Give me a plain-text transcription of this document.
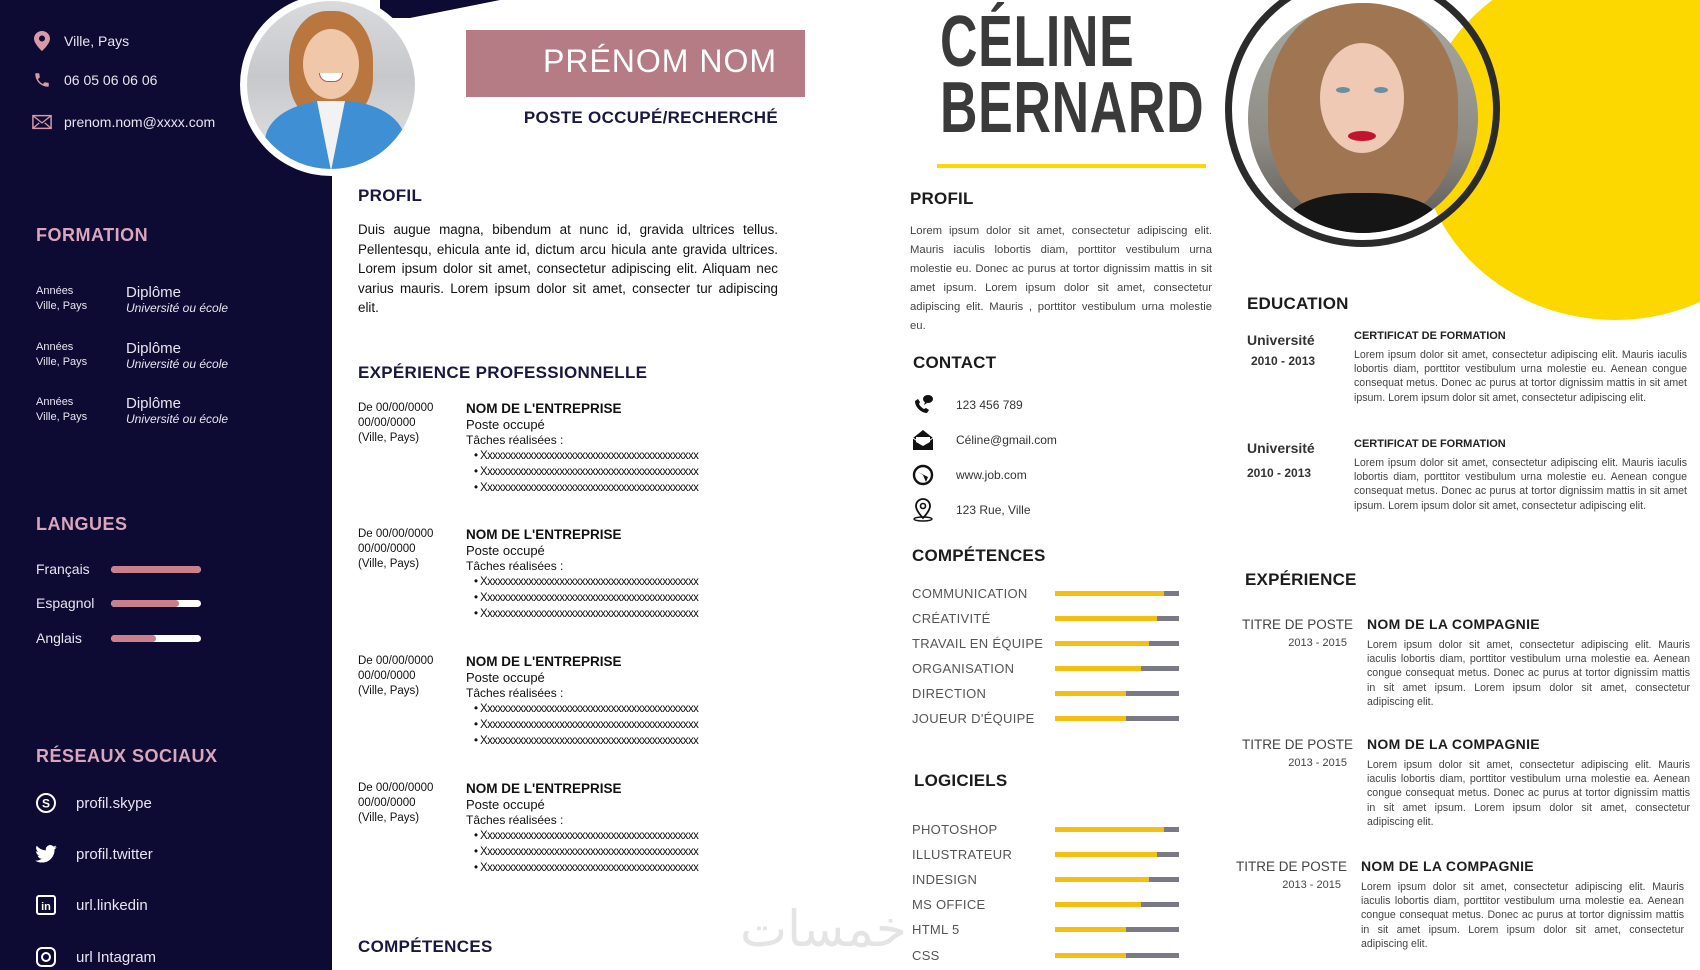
Ville, Pays
06 05 06 06 06
prenom.nom@xxxx.com
FORMATION
Années
Ville, Pays
Diplôme
Université ou école
Années
Ville, Pays
Diplôme
Université ou école
Années
Ville, Pays
Diplôme
Université ou école
LANGUES
Français
Espagnol
Anglais
RÉSEAUX SOCIAUX
S profil.skype
profil.twitter
in url.linkedin
url Intagram
PRÉNOM NOM
POSTE OCCUPÉ/RECHERCHÉ
PROFIL
Duis augue magna, bibendum at nunc id, gravida ultrices tellus. Pellentesqu, ehicula ante id, dictum arcu hicula ante gravida ultrices. Lorem ipsum dolor sit amet, consectetur adipiscing elit. Aliquam nec varius mauris. Lorem ipsum dolor sit amet, consecter tur adipiscing elit.
EXPÉRIENCE PROFESSIONNELLE
De 00/00/0000
00/00/0000
(Ville, Pays)
NOM DE L'ENTREPRISE
Poste occupé
Tâches réalisées :
• Xxxxxxxxxxxxxxxxxxxxxxxxxxxxxxxxxxxxxxxxxx
• Xxxxxxxxxxxxxxxxxxxxxxxxxxxxxxxxxxxxxxxxxx
• Xxxxxxxxxxxxxxxxxxxxxxxxxxxxxxxxxxxxxxxxxx
De 00/00/0000
00/00/0000
(Ville, Pays)
NOM DE L'ENTREPRISE
Poste occupé
Tâches réalisées :
• Xxxxxxxxxxxxxxxxxxxxxxxxxxxxxxxxxxxxxxxxxx
• Xxxxxxxxxxxxxxxxxxxxxxxxxxxxxxxxxxxxxxxxxx
• Xxxxxxxxxxxxxxxxxxxxxxxxxxxxxxxxxxxxxxxxxx
De 00/00/0000
00/00/0000
(Ville, Pays)
NOM DE L'ENTREPRISE
Poste occupé
Tâches réalisées :
• Xxxxxxxxxxxxxxxxxxxxxxxxxxxxxxxxxxxxxxxxxx
• Xxxxxxxxxxxxxxxxxxxxxxxxxxxxxxxxxxxxxxxxxx
• Xxxxxxxxxxxxxxxxxxxxxxxxxxxxxxxxxxxxxxxxxx
De 00/00/0000
00/00/0000
(Ville, Pays)
NOM DE L'ENTREPRISE
Poste occupé
Tâches réalisées :
• Xxxxxxxxxxxxxxxxxxxxxxxxxxxxxxxxxxxxxxxxxx
• Xxxxxxxxxxxxxxxxxxxxxxxxxxxxxxxxxxxxxxxxxx
• Xxxxxxxxxxxxxxxxxxxxxxxxxxxxxxxxxxxxxxxxxx
COMPÉTENCES	خمسات
CÉLINE
BERNARD
PROFIL
Lorem ipsum dolor sit amet, consectetur adipiscing elit. Mauris iaculis lobortis diam, porttitor vestibulum urna molestie eu. Donec ac purus at tortor dignissim mattis in sit amet ipsum. Lorem ipsum dolor sit amet, consectetur adipiscing elit. Mauris , porttitor vestibulum urna molestie eu.
CONTACT
123 456 789
Céline@gmail.com
www.job.com
123 Rue, Ville
COMPÉTENCES
COMMUNICATION
CRÉATIVITÉ
TRAVAIL EN ÉQUIPE
ORGANISATION
DIRECTION
JOUEUR D'ÉQUIPE
LOGICIELS
PHOTOSHOP
ILLUSTRATEUR
INDESIGN
MS OFFICE
HTML 5
CSS
EDUCATION
Université
2010 - 2013
CERTIFICAT DE FORMATION
Lorem ipsum dolor sit amet, consectetur adipiscing elit. Mauris iaculis lobortis diam, porttitor vestibulum urna molestie eu. Aenean congue consequat metus. Donec ac purus at tortor dignissim mattis in sit amet ipsum. Lorem ipsum dolor sit amet, consectetur adipiscing elit.
Université
2010 - 2013
CERTIFICAT DE FORMATION
Lorem ipsum dolor sit amet, consectetur adipiscing elit. Mauris iaculis lobortis diam, porttitor vestibulum urna molestie eu. Aenean congue consequat metus. Donec ac purus at tortor dignissim mattis in sit amet ipsum. Lorem ipsum dolor sit amet, consectetur adipiscing elit.
EXPÉRIENCE
TITRE DE POSTE
2013 - 2015
NOM DE LA COMPAGNIE
Lorem ipsum dolor sit amet, consectetur adipiscing elit. Mauris iaculis lobortis diam, porttitor vestibulum urna molestie ea. Aenean congue consequat metus. Donec ac purus at tortor dignissim mattis in sit amet ipsum. Lorem ipsum dolor sit amet, consectetur adipiscing elit.
TITRE DE POSTE
2013 - 2015
NOM DE LA COMPAGNIE
Lorem ipsum dolor sit amet, consectetur adipiscing elit. Mauris iaculis lobortis diam, porttitor vestibulum urna molestie ea. Aenean congue consequat metus. Donec ac purus at tortor dignissim mattis in sit amet ipsum. Lorem ipsum dolor sit amet, consectetur adipiscing elit.
TITRE DE POSTE
2013 - 2015
NOM DE LA COMPAGNIE
Lorem ipsum dolor sit amet, consectetur adipiscing elit. Mauris iaculis lobortis diam, porttitor vestibulum urna molestie ea. Aenean congue consequat metus. Donec ac purus at tortor dignissim mattis in sit amet ipsum. Lorem ipsum dolor sit amet, consectetur adipiscing elit.
